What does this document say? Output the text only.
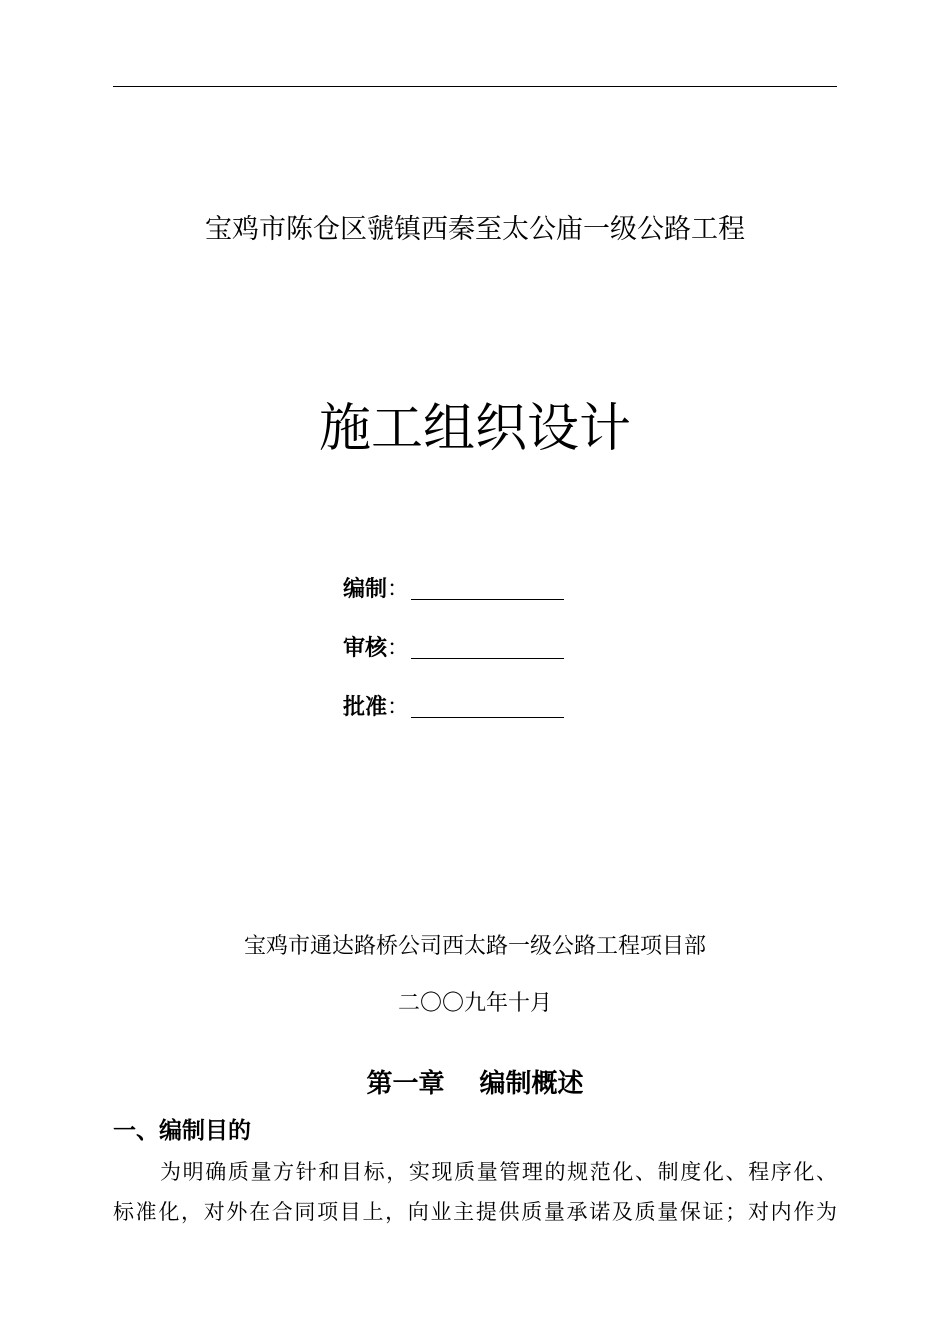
宝鸡市陈仓区虢镇西秦至太公庙一级公路工程
施工组织设计
编制 ：
审核 ：
批准 ：
宝鸡市通达路桥公司西太路一级公路工程项目部
二〇〇九年十月
第一章　 编制概述
一、编制目的
为明确质量方针和目标，实现质量管理的规范化、制度化、程序化、
标准化，对外在合同项目上，向业主提供质量承诺及质量保证；对内作为
